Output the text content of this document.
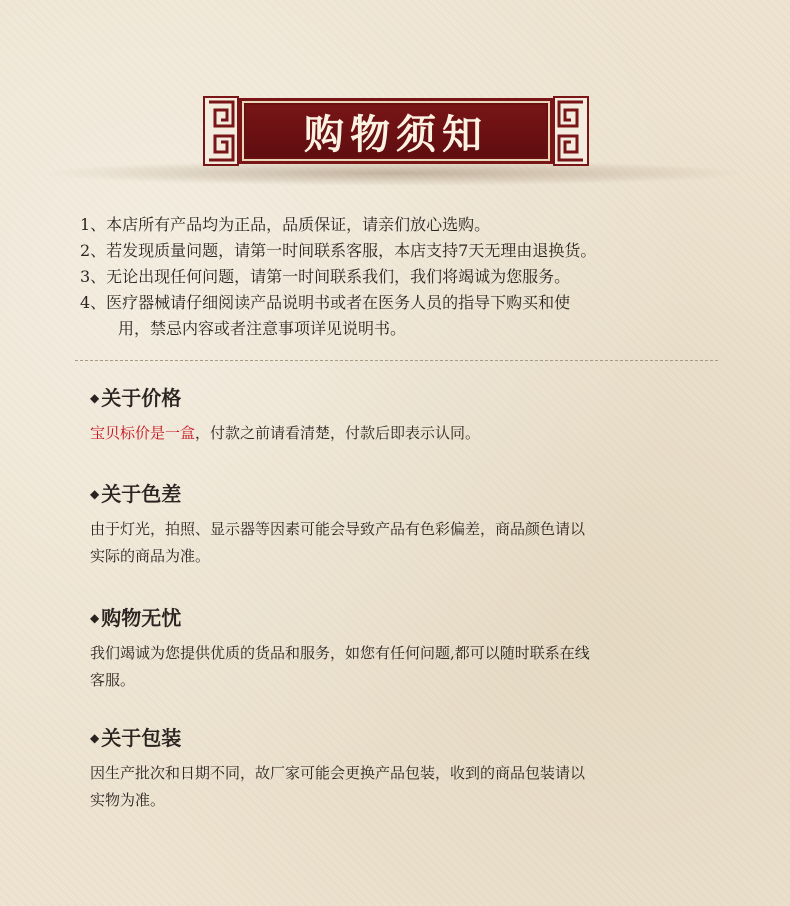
购物须知
1、本店所有产品均为正品，品质保证，请亲们放心选购。
2、若发现质量问题，请第一时间联系客服，本店支持7天无理由退换货。
3、无论出现任何问题，请第一时间联系我们，我们将竭诚为您服务。
4、医疗器械请仔细阅读产品说明书或者在医务人员的指导下购买和使
用，禁忌内容或者注意事项详见说明书。
◆ 关于价格
宝贝标价是一盒，付款之前请看清楚，付款后即表示认同。
◆ 关于色差
由于灯光，拍照、显示器等因素可能会导致产品有色彩偏差，商品颜色请以
实际的商品为准。
◆ 购物无忧
我们竭诚为您提供优质的货品和服务，如您有任何问题,都可以随时联系在线
客服。
◆ 关于包装
因生产批次和日期不同，故厂家可能会更换产品包装，收到的商品包装请以
实物为准。
